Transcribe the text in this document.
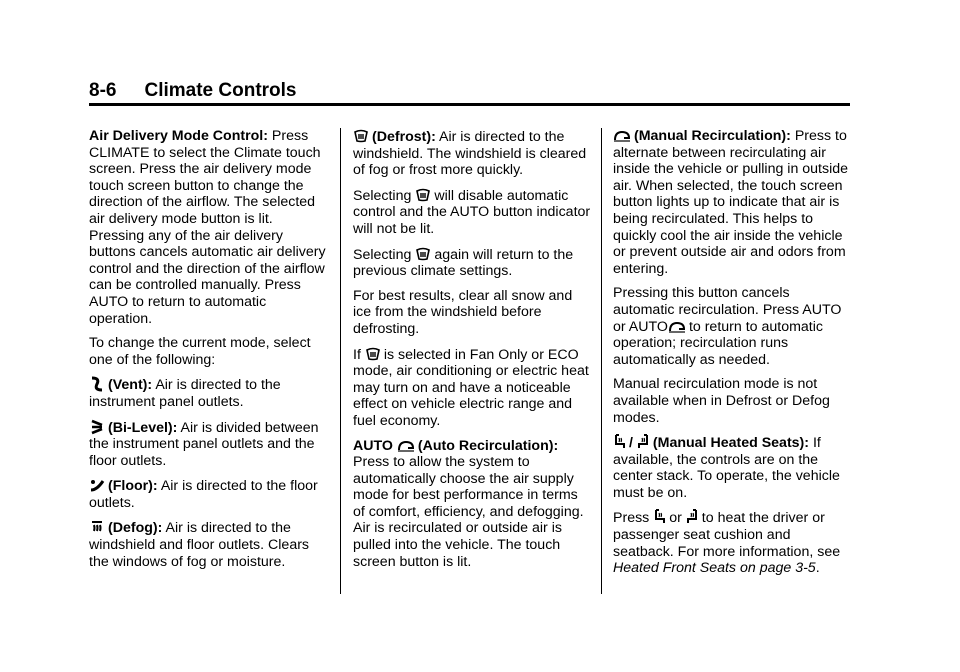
8-6 Climate Controls

Air Delivery Mode Control: Press CLIMATE to select the Climate touch screen. Press the air delivery mode touch screen button to change the direction of the airflow. The selected air delivery mode button is lit. Pressing any of the air delivery buttons cancels automatic air delivery control and the direction of the airflow can be controlled manually. Press AUTO to return to automatic operation.

To change the current mode, select one of the following:

(Vent): Air is directed to the instrument panel outlets.

(Bi-Level): Air is divided between the instrument panel outlets and the floor outlets.

(Floor): Air is directed to the floor outlets.

(Defog): Air is directed to the windshield and floor outlets. Clears the windows of fog or moisture.

(Defrost): Air is directed to the windshield. The windshield is cleared of fog or frost more quickly.

Selecting will disable automatic control and the AUTO button indicator will not be lit.

Selecting again will return to the previous climate settings.

For best results, clear all snow and ice from the windshield before defrosting.

If is selected in Fan Only or ECO mode, air conditioning or electric heat may turn on and have a noticeable effect on vehicle electric range and fuel economy.

AUTO (Auto Recirculation): Press to allow the system to automatically choose the air supply mode for best performance in terms of comfort, efficiency, and defogging. Air is recirculated or outside air is pulled into the vehicle. The touch screen button is lit.

(Manual Recirculation): Press to alternate between recirculating air inside the vehicle or pulling in outside air. When selected, the touch screen button lights up to indicate that air is being recirculated. This helps to quickly cool the air inside the vehicle or prevent outside air and odors from entering.

Pressing this button cancels automatic recirculation. Press AUTO or AUTO to return to automatic operation; recirculation runs automatically as needed.

Manual recirculation mode is not available when in Defrost or Defog modes.

/ (Manual Heated Seats): If available, the controls are on the center stack. To operate, the vehicle must be on.

Press or to heat the driver or passenger seat cushion and seatback. For more information, see Heated Front Seats on page 3-5.
